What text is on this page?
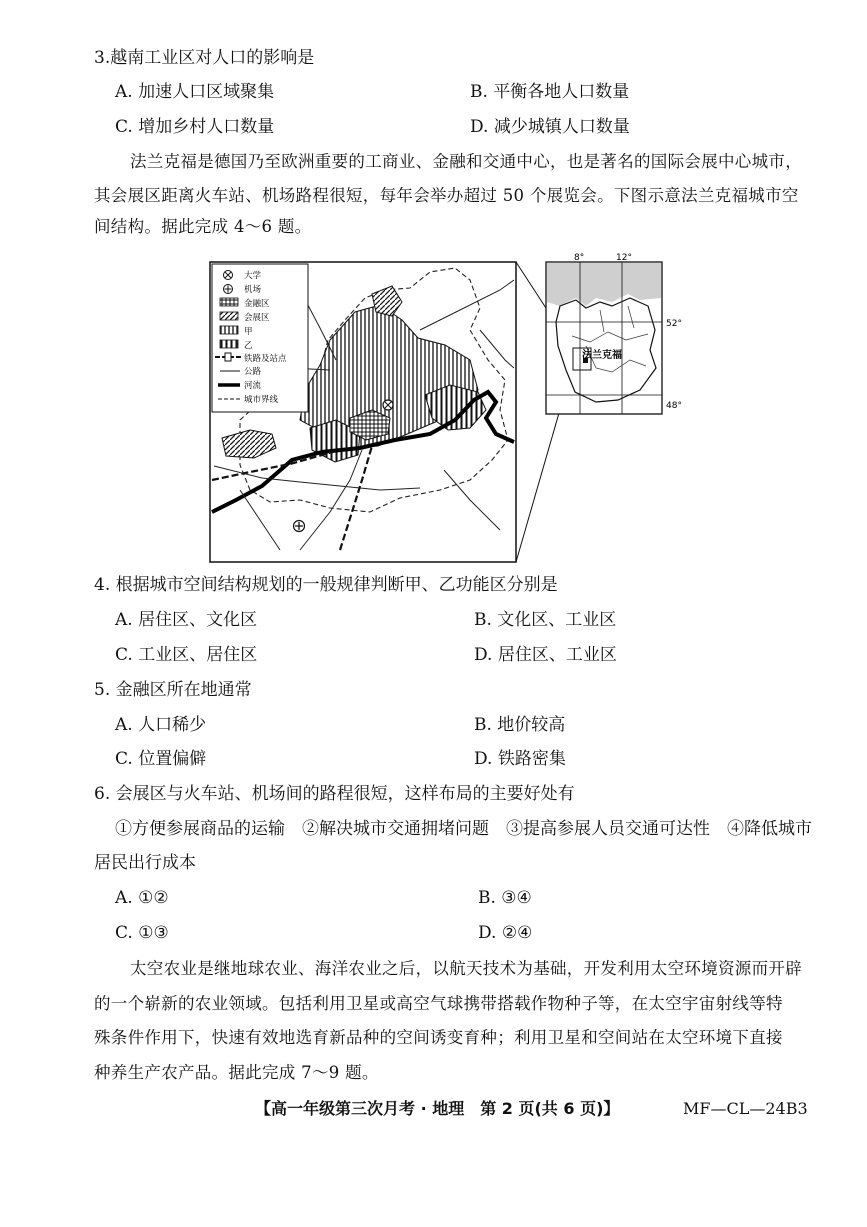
3.越南工业区对人口的影响是
A. 加速人口区域聚集	B. 平衡各地人口数量
C. 增加乡村人口数量	D. 减少城镇人口数量
法兰克福是德国乃至欧洲重要的工商业、金融和交通中心，也是著名的国际会展中心城市，
其会展区距离火车站、机场路程很短，每年会举办超过 50 个展览会。下图示意法兰克福城市空
间结构。据此完成 4～6 题。
大学
机场
金融区
会展区
甲
乙
铁路及站点
公路
河流
城市界线
法兰克福
8°	12°
52°
48°
4. 根据城市空间结构规划的一般规律判断甲、乙功能区分别是
A. 居住区、文化区	B. 文化区、工业区
C. 工业区、居住区	D. 居住区、工业区
5. 金融区所在地通常
A. 人口稀少	B. 地价较高
C. 位置偏僻	D. 铁路密集
6. 会展区与火车站、机场间的路程很短，这样布局的主要好处有
①方便参展商品的运输　②解决城市交通拥堵问题　③提高参展人员交通可达性　④降低城市
居民出行成本
A. ①②	B. ③④
C. ①③	D. ②④
太空农业是继地球农业、海洋农业之后，以航天技术为基础，开发利用太空环境资源而开辟
的一个崭新的农业领域。包括利用卫星或高空气球携带搭载作物种子等，在太空宇宙射线等特
殊条件作用下，快速有效地选育新品种的空间诱变育种；利用卫星和空间站在太空环境下直接
种养生产农产品。据此完成 7～9 题。
【高一年级第三次月考 · 地理　第 2 页(共 6 页)】	MF—CL—24B3
